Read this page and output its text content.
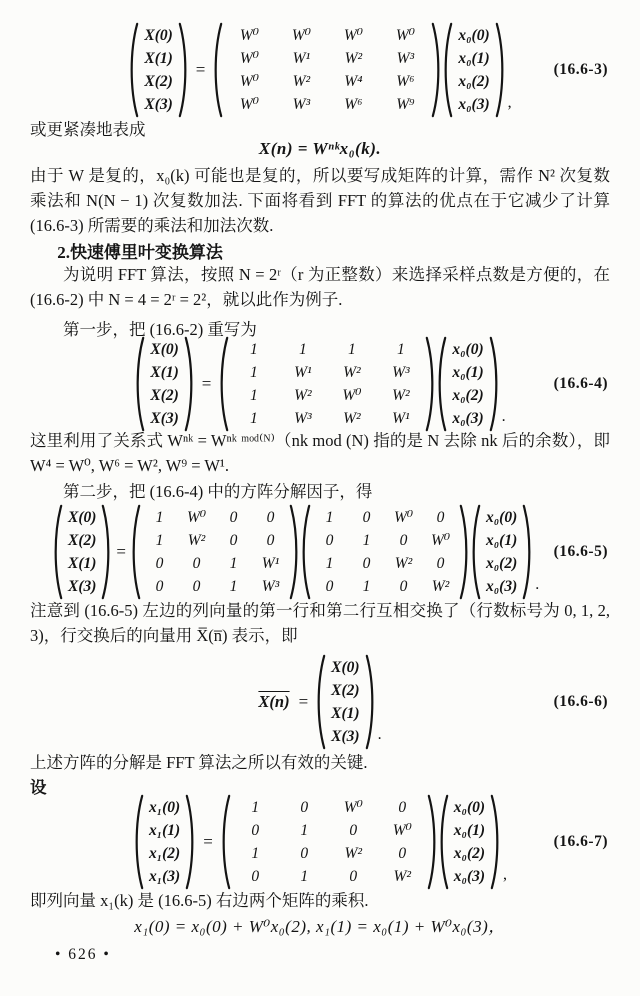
X(0)
X(1)
X(2)
X(3)
=
W⁰	W⁰	W⁰	W⁰
W⁰	W¹	W²	W³
W⁰	W²	W⁴	W⁶
W⁰	W³	W⁶	W⁹
x₀(0)
x₀(1)
x₀(2)
x₀(3)	,
(16.6-3)
或更紧凑地表成
X(n) = Wⁿᵏx₀(k).
由于 W 是复的，x₀(k) 可能也是复的，所以要写成矩阵的计算，需作 N² 次复数乘法和 N(N − 1) 次复数加法. 下面将看到 FFT 的算法的优点在于它减少了计算 (16.6-3) 所需要的乘法和加法次数.
2.快速傅里叶变换算法
为说明 FFT 算法，按照 N = 2ʳ（r 为正整数）来选择采样点数是方便的，在 (16.6-2) 中 N = 4 = 2ʳ = 2²，就以此作为例子.
第一步，把 (16.6-2) 重写为
X(0)
X(1)
X(2)
X(3)
=
1	1	1	1
1	W¹	W²	W³
1	W²	W⁰	W²
1	W³	W²	W¹
x₀(0)
x₀(1)
x₀(2)
x₀(3)	.
(16.6-4)
这里利用了关系式 Wⁿᵏ = Wⁿᵏ ᵐᵒᵈ⁽ᴺ⁾（nk mod (N) 指的是 N 去除 nk 后的余数），即 W⁴ = W⁰, W⁶ = W², W⁹ = W¹.
第二步，把 (16.6-4) 中的方阵分解因子，得
X(0)
X(2)
X(1)
X(3)
=
1	W⁰	0	0
1	W²	0	0
0	0	1	W¹
0	0	1	W³
1	0	W⁰	0
0	1	0	W⁰
1	0	W²	0
0	1	0	W²
x₀(0)
x₀(1)
x₀(2)
x₀(3)	.
(16.6-5)
注意到 (16.6-5) 左边的列向量的第一行和第二行互相交换了（行数标号为 0, 1, 2, 3)，行交换后的向量用 X̅(n̅) 表示，即
X(n) =
X(0)
X(2)
X(1)
X(3)	.
(16.6-6)
上述方阵的分解是 FFT 算法之所以有效的关键.
设
x₁(0)
x₁(1)
x₁(2)
x₁(3)
=
1	0	W⁰	0
0	1	0	W⁰
1	0	W²	0
0	1	0	W²
x₀(0)
x₀(1)
x₀(2)
x₀(3)	,
(16.6-7)
即列向量 x₁(k) 是 (16.6-5) 右边两个矩阵的乘积.
x₁(0) = x₀(0) + W⁰x₀(2), x₁(1) = x₀(1) + W⁰x₀(3)，
• 626 •
